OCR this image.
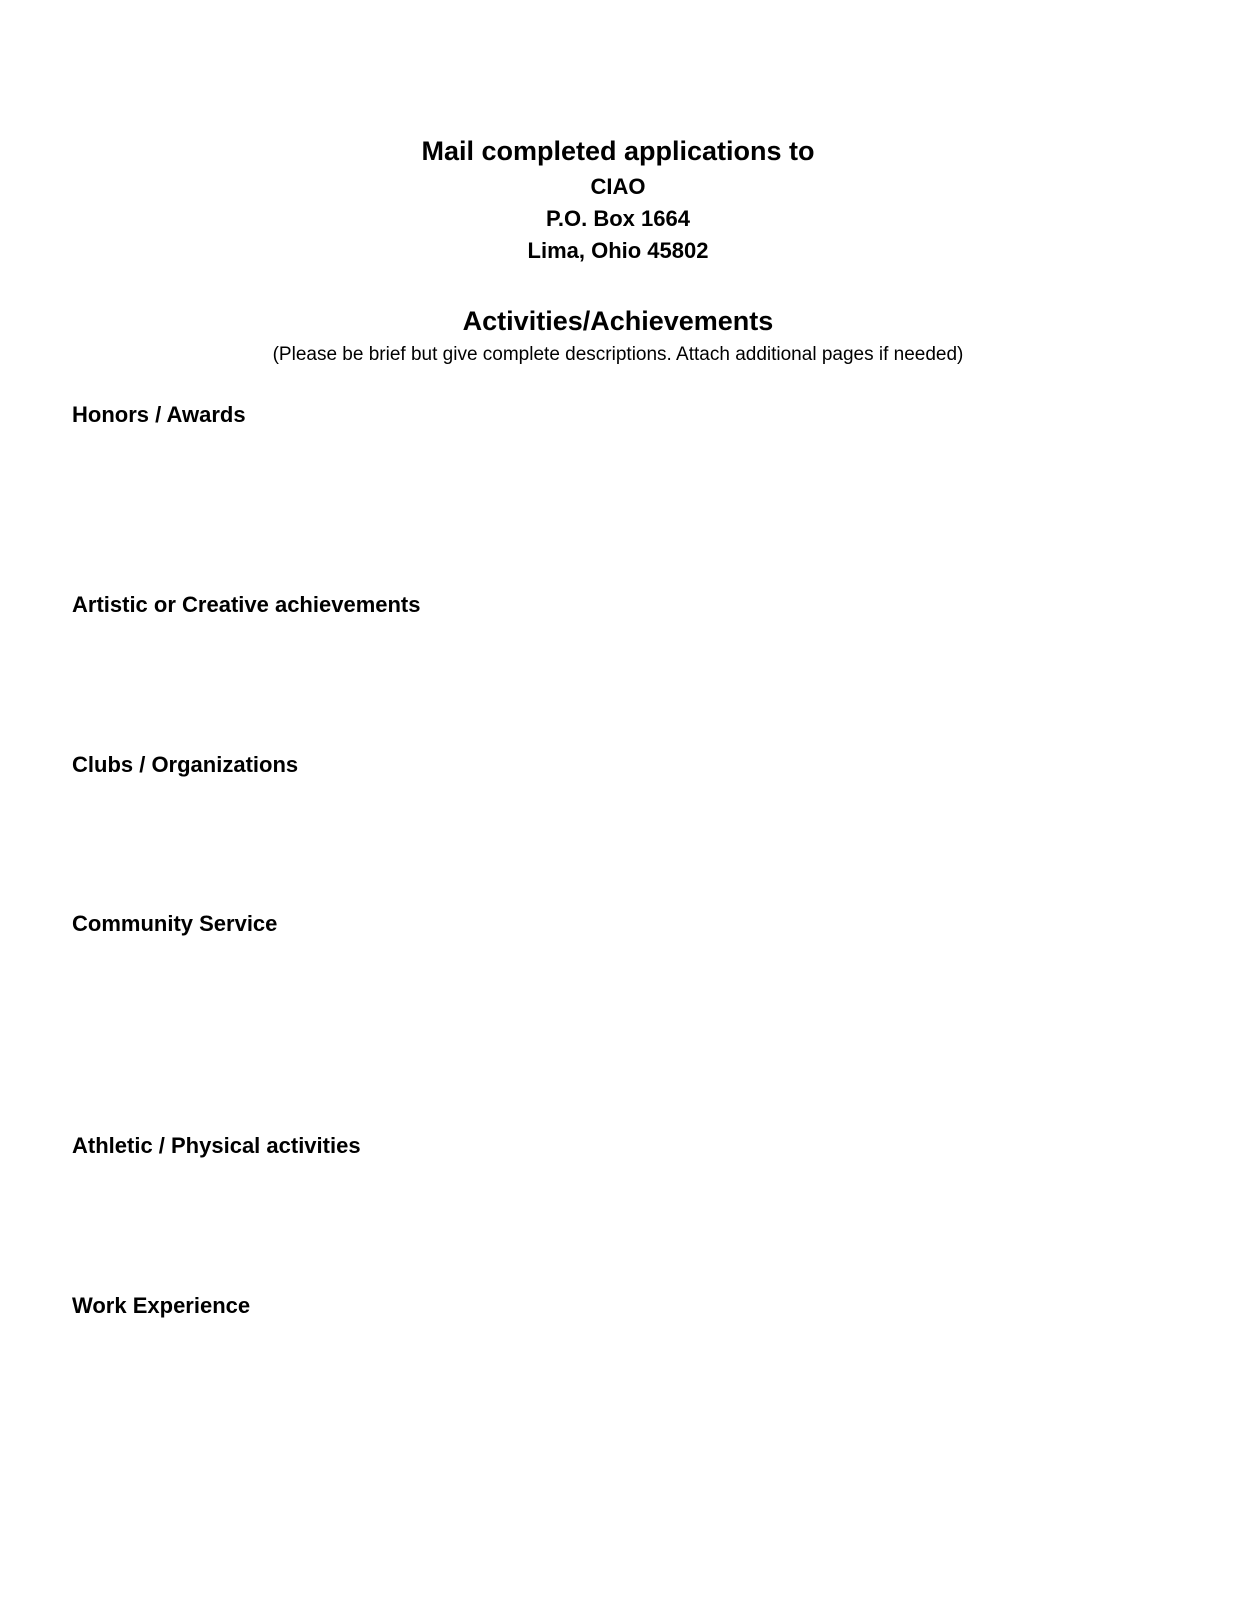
Mail completed applications to
CIAO
P.O. Box 1664
Lima, Ohio 45802
Activities/Achievements
(Please be brief but give complete descriptions. Attach additional pages if needed)
Honors / Awards
Artistic or Creative achievements
Clubs / Organizations
Community Service
Athletic / Physical activities
Work Experience
